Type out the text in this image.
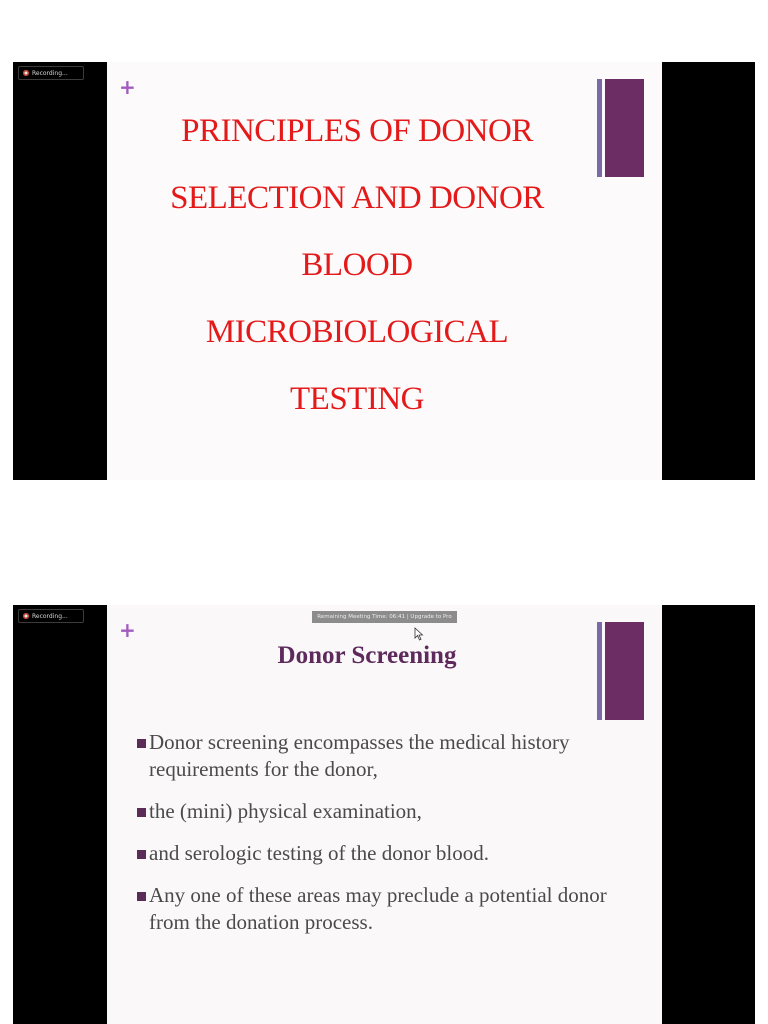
Recording...
+
PRINCIPLES OF DONOR
SELECTION AND DONOR
BLOOD
MICROBIOLOGICAL
TESTING
Recording...	Remaining Meeting Time: 06:41 | Upgrade to Pro
+
Donor Screening
Donor screening encompasses the medical history requirements for the donor,
the (mini) physical examination,
and serologic testing of the donor blood.
Any one of these areas may preclude a potential donor from the donation process.
